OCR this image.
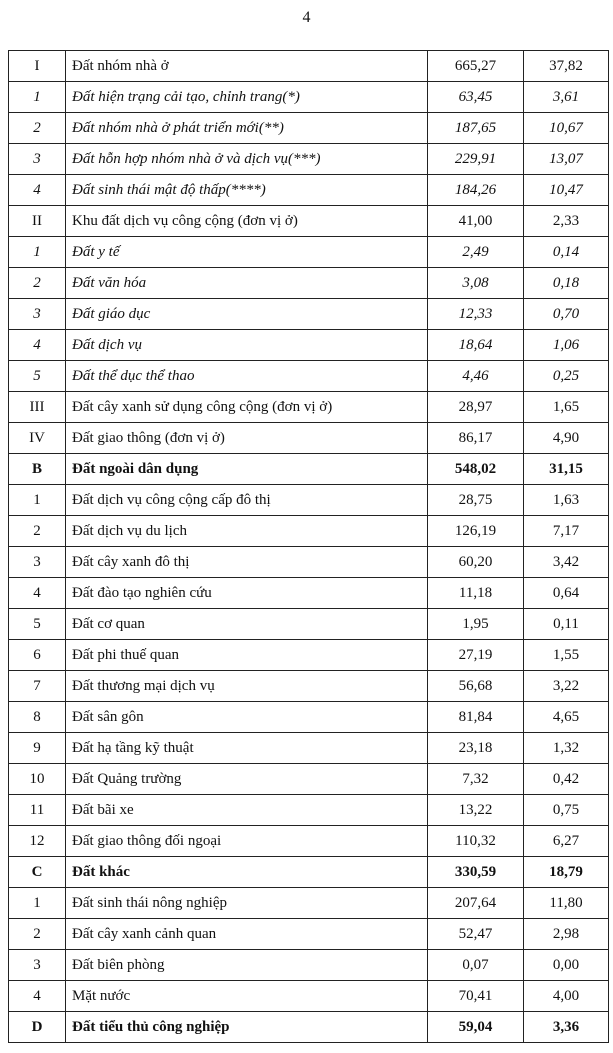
4
I	Đất nhóm nhà ở	665,27	37,82
1	Đất hiện trạng cải tạo, chỉnh trang(*)	63,45	3,61
2	Đất nhóm nhà ở phát triển mới(**)	187,65	10,67
3	Đất hỗn hợp nhóm nhà ở và dịch vụ(***)	229,91	13,07
4	Đất sinh thái mật độ thấp(****)	184,26	10,47
II	Khu đất dịch vụ công cộng (đơn vị ở)	41,00	2,33
1	Đất y tế	2,49	0,14
2	Đất văn hóa	3,08	0,18
3	Đất giáo dục	12,33	0,70
4	Đất dịch vụ	18,64	1,06
5	Đất thể dục thể thao	4,46	0,25
III	Đất cây xanh sử dụng công cộng (đơn vị ở)	28,97	1,65
IV	Đất giao thông (đơn vị ở)	86,17	4,90
B	Đất ngoài dân dụng	548,02	31,15
1	Đất dịch vụ công cộng cấp đô thị	28,75	1,63
2	Đất dịch vụ du lịch	126,19	7,17
3	Đất cây xanh đô thị	60,20	3,42
4	Đất đào tạo nghiên cứu	11,18	0,64
5	Đất cơ quan	1,95	0,11
6	Đất phi thuế quan	27,19	1,55
7	Đất thương mại dịch vụ	56,68	3,22
8	Đất sân gôn	81,84	4,65
9	Đất hạ tầng kỹ thuật	23,18	1,32
10	Đất Quảng trường	7,32	0,42
11	Đất bãi xe	13,22	0,75
12	Đất giao thông đối ngoại	110,32	6,27
C	Đất khác	330,59	18,79
1	Đất sinh thái nông nghiệp	207,64	11,80
2	Đất cây xanh cảnh quan	52,47	2,98
3	Đất biên phòng	0,07	0,00
4	Mặt nước	70,41	4,00
D	Đất tiểu thủ công nghiệp	59,04	3,36
